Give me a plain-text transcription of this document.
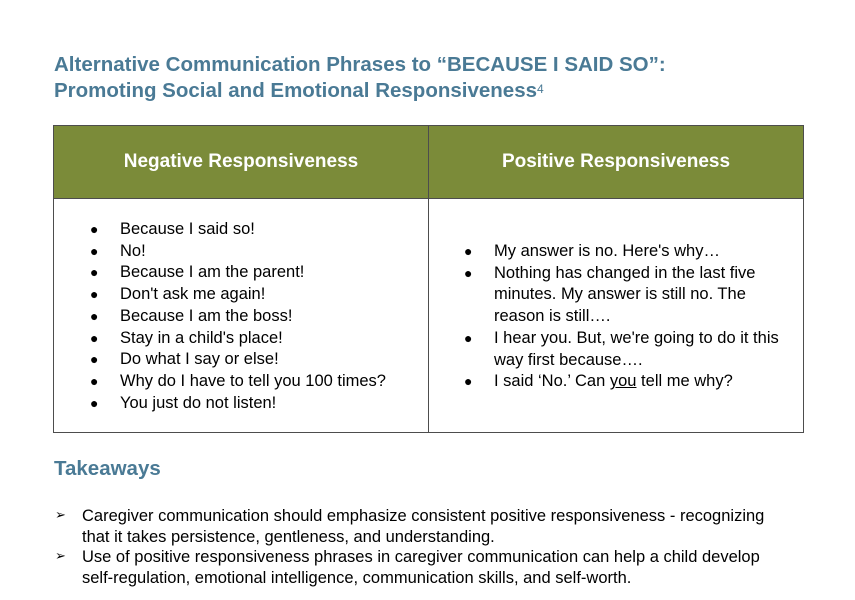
Alternative Communication Phrases to “BECAUSE I SAID SO”:
Promoting Social and Emotional Responsiveness$^4$
Negative Responsiveness	Positive Responsiveness
● Because I said so!
● No!
● Because I am the parent!
● Don't ask me again!
● Because I am the boss!
● Stay in a child's place!
● Do what I say or else!
● Why do I have to tell you 100 times?
● You just do not listen!
● My answer is no. Here's why…
● Nothing has changed in the last five minutes. My answer is still no. The reason is still….
● I hear you. But, we're going to do it this way first because….
● I said ‘No.’ Can you tell me why?
Takeaways
➢ Caregiver communication should emphasize consistent positive responsiveness - recognizing that it takes persistence, gentleness, and understanding.
➢ Use of positive responsiveness phrases in caregiver communication can help a child develop self-regulation, emotional intelligence, communication skills, and self-worth.
